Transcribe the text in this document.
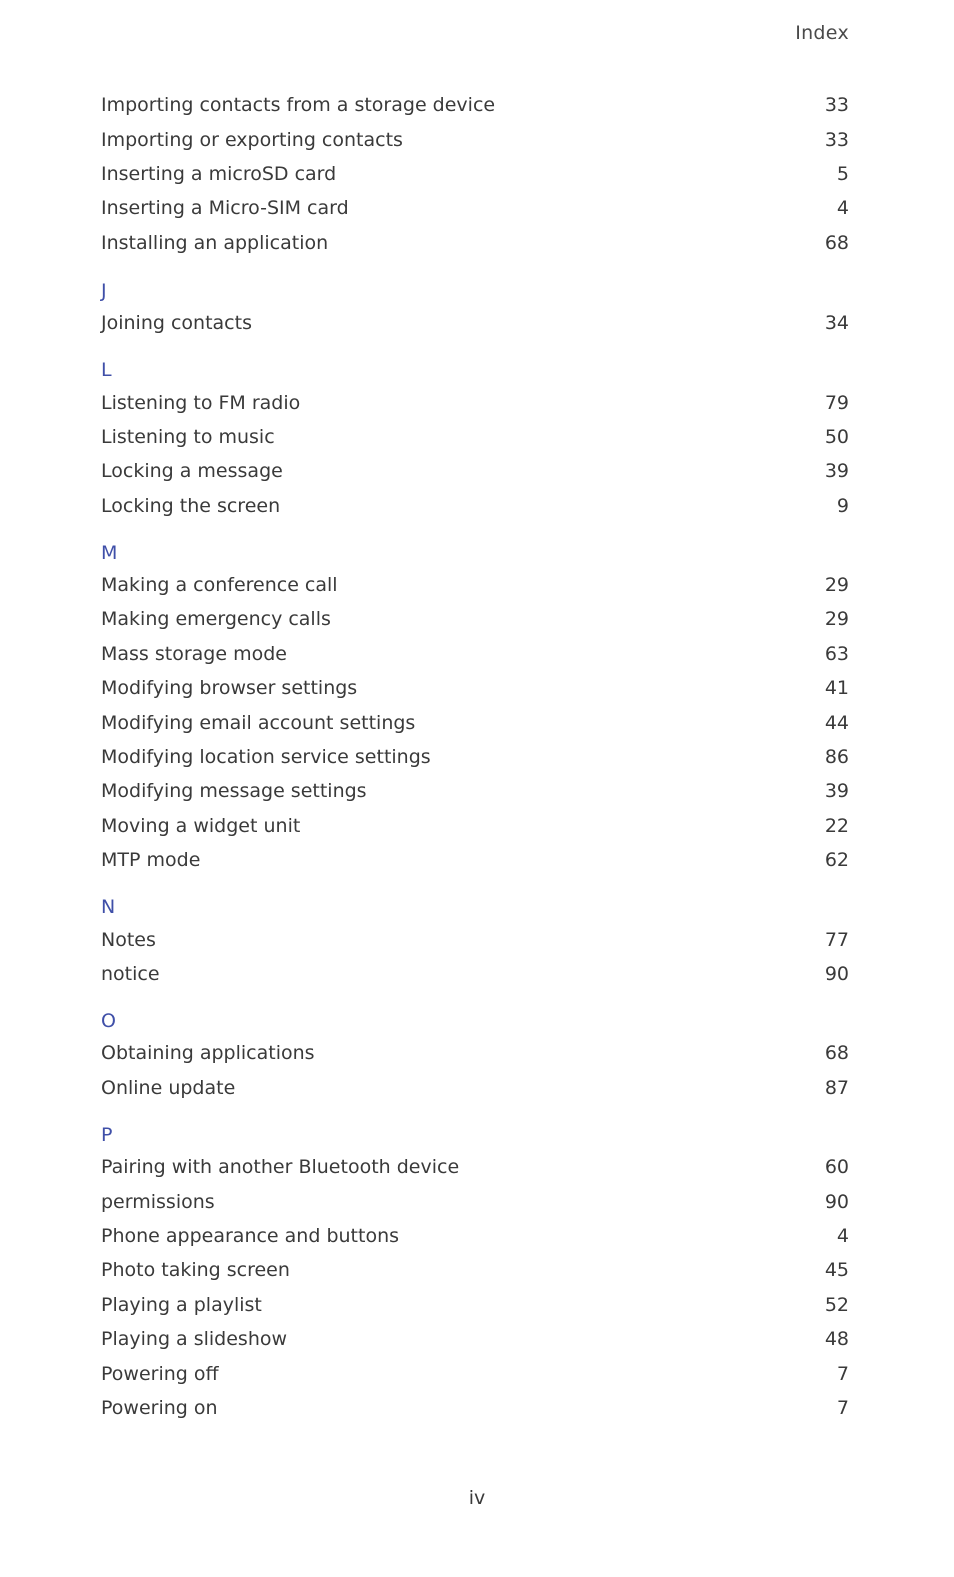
Index
Importing contacts from a storage device	33
Importing or exporting contacts	33
Inserting a microSD card	5
Inserting a Micro-SIM card	4
Installing an application	68
J
Joining contacts	34
L
Listening to FM radio	79
Listening to music	50
Locking a message	39
Locking the screen	9
M
Making a conference call	29
Making emergency calls	29
Mass storage mode	63
Modifying browser settings	41
Modifying email account settings	44
Modifying location service settings	86
Modifying message settings	39
Moving a widget unit	22
MTP mode	62
N
Notes	77
notice	90
O
Obtaining applications	68
Online update	87
P
Pairing with another Bluetooth device	60
permissions	90
Phone appearance and buttons	4
Photo taking screen	45
Playing a playlist	52
Playing a slideshow	48
Powering off	7
Powering on	7
iv
